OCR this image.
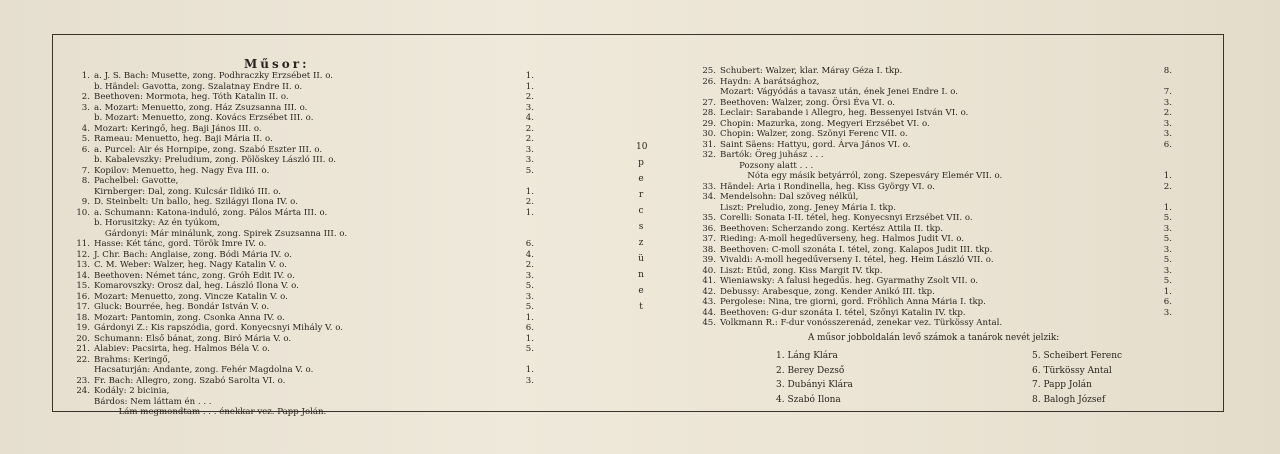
Műsor:
1. a. J. S. Bach: Musette, zong. Podhraczky Erzsébet II. o.	1.
b. Händel: Gavotta, zong. Szalatnay Endre II. o.	1.
2. Beethoven: Mormota, heg. Tóth Katalin II. o.	2.
3. a. Mozart: Menuetto, zong. Ház Zsuzsanna III. o.	3.
b. Mozart: Menuetto, zong. Kovács Erzsébet III. o.	4.
4. Mozart: Keringő, heg. Baji János III. o.	2.
5. Rameau: Menuetto, heg. Baji Mária II. o.	2.
6. a. Purcel: Air és Hornpipe, zong. Szabó Eszter III. o.	3.
b. Kabalevszky: Preludium, zong. Pölöskey László III. o.	3.
7. Kopilov: Menuetto, heg. Nagy Éva III. o.	5.
8. Pachelbel: Gavotte,
Kirnberger: Dal, zong. Kulcsár Ildikó III. o.	1.
9. D. Steinbelt: Un ballo, heg. Szilágyi Ilona IV. o.	2.
10. a. Schumann: Katona-induló, zong. Pálos Márta III. o.	1.
b. Horusitzky: Az én tyúkom,
Gárdonyi: Már minálunk, zong. Spirek Zsuzsanna III. o.
11. Hasse: Két tánc, gord. Török Imre IV. o.	6.
12. J. Chr. Bach: Anglaise, zong. Bódi Mária IV. o.	4.
13. C. M. Weber: Walzer, heg. Nagy Katalin V. o.	2.
14. Beethoven: Német tánc, zong. Gróh Edit IV. o.	3.
15. Komarovszky: Orosz dal, heg. László Ilona V. o.	5.
16. Mozart: Menuetto, zong. Vincze Katalin V. o.	3.
17. Gluck: Bourrée, heg. Bondár István V. o.	5.
18. Mozart: Pantomin, zong. Csonka Anna IV. o.	1.
19. Gárdonyi Z.: Kis rapszódia, gord. Konyecsnyi Mihály V. o.	6.
20. Schumann: Első bánat, zong. Biró Mária V. o.	1.
21. Alabiev: Pacsirta, heg. Halmos Béla V. o.	5.
22. Brahms: Keringő,
Hacsaturján: Andante, zong. Fehér Magdolna V. o.	1.
23. Fr. Bach: Allegro, zong. Szabó Sarolta VI. o.	3.
24. Kodály: 2 bicinia,
Bárdos: Nem láttam én . . .
Lám megmondtam . . . énekkar vez. Papp Jolán.
25. Schubert: Walzer, klar. Máray Géza I. tkp.	8.
26. Haydn: A barátsághoz,
Mozart: Vágyódás a tavasz után, ének Jenei Endre I. o.	7.
27. Beethoven: Walzer, zong. Örsi Éva VI. o.	3.
28. Leclair: Sarabande i Allegro, heg. Bessenyei István VI. o.	2.
29. Chopin: Mazurka, zong. Megyeri Erzsébet VI. o.	3.
30. Chopin: Walzer, zong. Szönyi Ferenc VII. o.	3.
31. Saint Säens: Hattyu, gord. Árva János VI. o.	6.
32. Bartók: Öreg juhász . . .
Pozsony alatt . . .
Nóta egy másik betyárról, zong. Szepesváry Elemér VII. o.	1.
33. Händel: Aria i Rondinella, heg. Kiss György VI. o.	2.
34. Mendelsohn: Dal szöveg nélkül,
Liszt: Preludio, zong. Jeney Mária I. tkp.	1.
35. Corelli: Sonata I-II. tétel, heg. Konyecsnyi Erzsébet VII. o.	5.
36. Beethoven: Scherzando zong. Kertész Attila II. tkp.	3.
37. Rieding: A-moll hegedűverseny, heg. Halmos Judit VI. o.	5.
38. Beethoven: C-moll szonáta I. tétel, zong. Kalapos Judit III. tkp.	3.
39. Vivaldi: A-moll hegedűverseny I. tétel, heg. Heim László VII. o.	5.
40. Liszt: Etűd, zong. Kiss Margit IV. tkp.	3.
41. Wieniawsky: A falusi hegedűs. heg. Gyarmathy Zsolt VII. o.	5.
42. Debussy: Arabesque, zong. Kender Anikó III. tkp.	1.
43. Pergolese: Nina, tre giorni, gord. Fröhlich Anna Mária I. tkp.	6.
44. Beethoven: G-dur szonáta I. tétel, Szőnyi Katalin IV. tkp.	3.
45. Volkmann R.: F-dur vonósszerenád, zenekar vez. Türkössy Antal.
10
p
e
r
c
s
z
ü
n
e
t
A műsor jobboldalán levő számok a tanárok nevét jelzik:
1. Láng Klára
2. Berey Dezső
3. Dubányi Klára
4. Szabó Ilona
5. Scheibert Ferenc
6. Türkössy Antal
7. Papp Jolán
8. Balogh József
